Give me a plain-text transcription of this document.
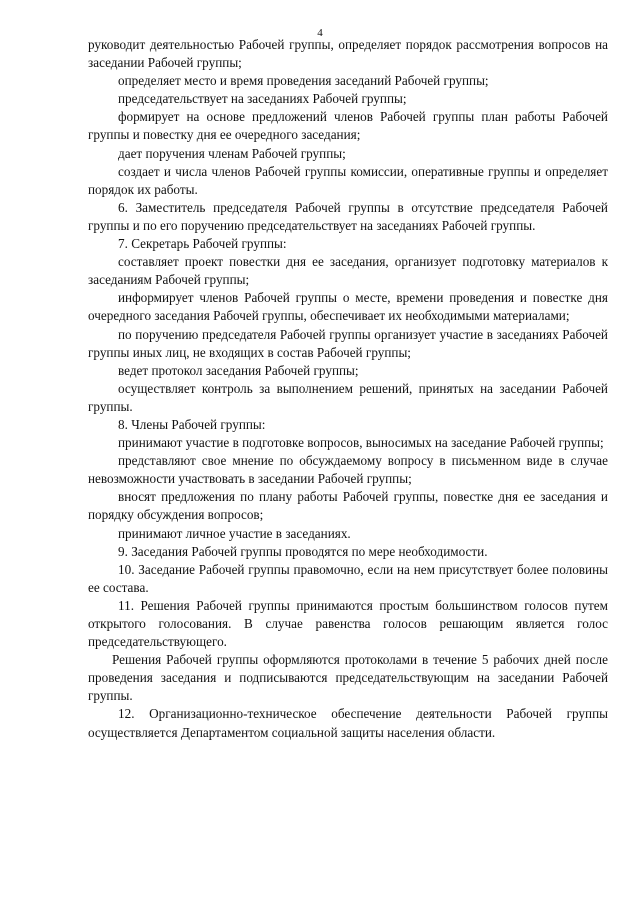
4

руководит деятельностью Рабочей группы, определяет порядок рассмотрения вопросов на заседании Рабочей группы;

определяет место и время проведения заседаний Рабочей группы;

председательствует на заседаниях Рабочей группы;

формирует на основе предложений членов Рабочей группы план работы Рабочей группы и повестку дня ее очередного заседания;

дает поручения членам Рабочей группы;

создает и числа членов Рабочей группы комиссии, оперативные группы и определяет порядок их работы.

6. Заместитель председателя Рабочей группы в отсутствие председателя Рабочей группы и по его поручению председательствует на заседаниях Рабочей группы.

7. Секретарь Рабочей группы:

составляет проект повестки дня ее заседания, организует подготовку материалов к заседаниям Рабочей группы;

информирует членов Рабочей группы о месте, времени проведения и повестке дня очередного заседания Рабочей группы, обеспечивает их необходимыми материалами;

по поручению председателя Рабочей группы организует участие в заседаниях Рабочей группы иных лиц, не входящих в состав Рабочей группы;

ведет протокол заседания Рабочей группы;

осуществляет контроль за выполнением решений, принятых на заседании Рабочей группы.

8. Члены Рабочей группы:

принимают участие в подготовке вопросов, выносимых на заседание Рабочей группы;

представляют свое мнение по обсуждаемому вопросу в письменном виде в случае невозможности участвовать в заседании Рабочей группы;

вносят предложения по плану работы Рабочей группы, повестке дня ее заседания и порядку обсуждения вопросов;

принимают личное участие в заседаниях.

9. Заседания Рабочей группы проводятся по мере необходимости.

10. Заседание Рабочей группы правомочно, если на нем присутствует более половины ее состава.

11. Решения Рабочей группы принимаются простым большинством голосов путем открытого голосования. В случае равенства голосов решающим является голос председательствующего.

Решения Рабочей группы оформляются протоколами в течение 5 рабочих дней после проведения заседания и подписываются председательствующим на заседании Рабочей группы.

12. Организационно-техническое обеспечение деятельности Рабочей группы осуществляется Департаментом социальной защиты населения области.
